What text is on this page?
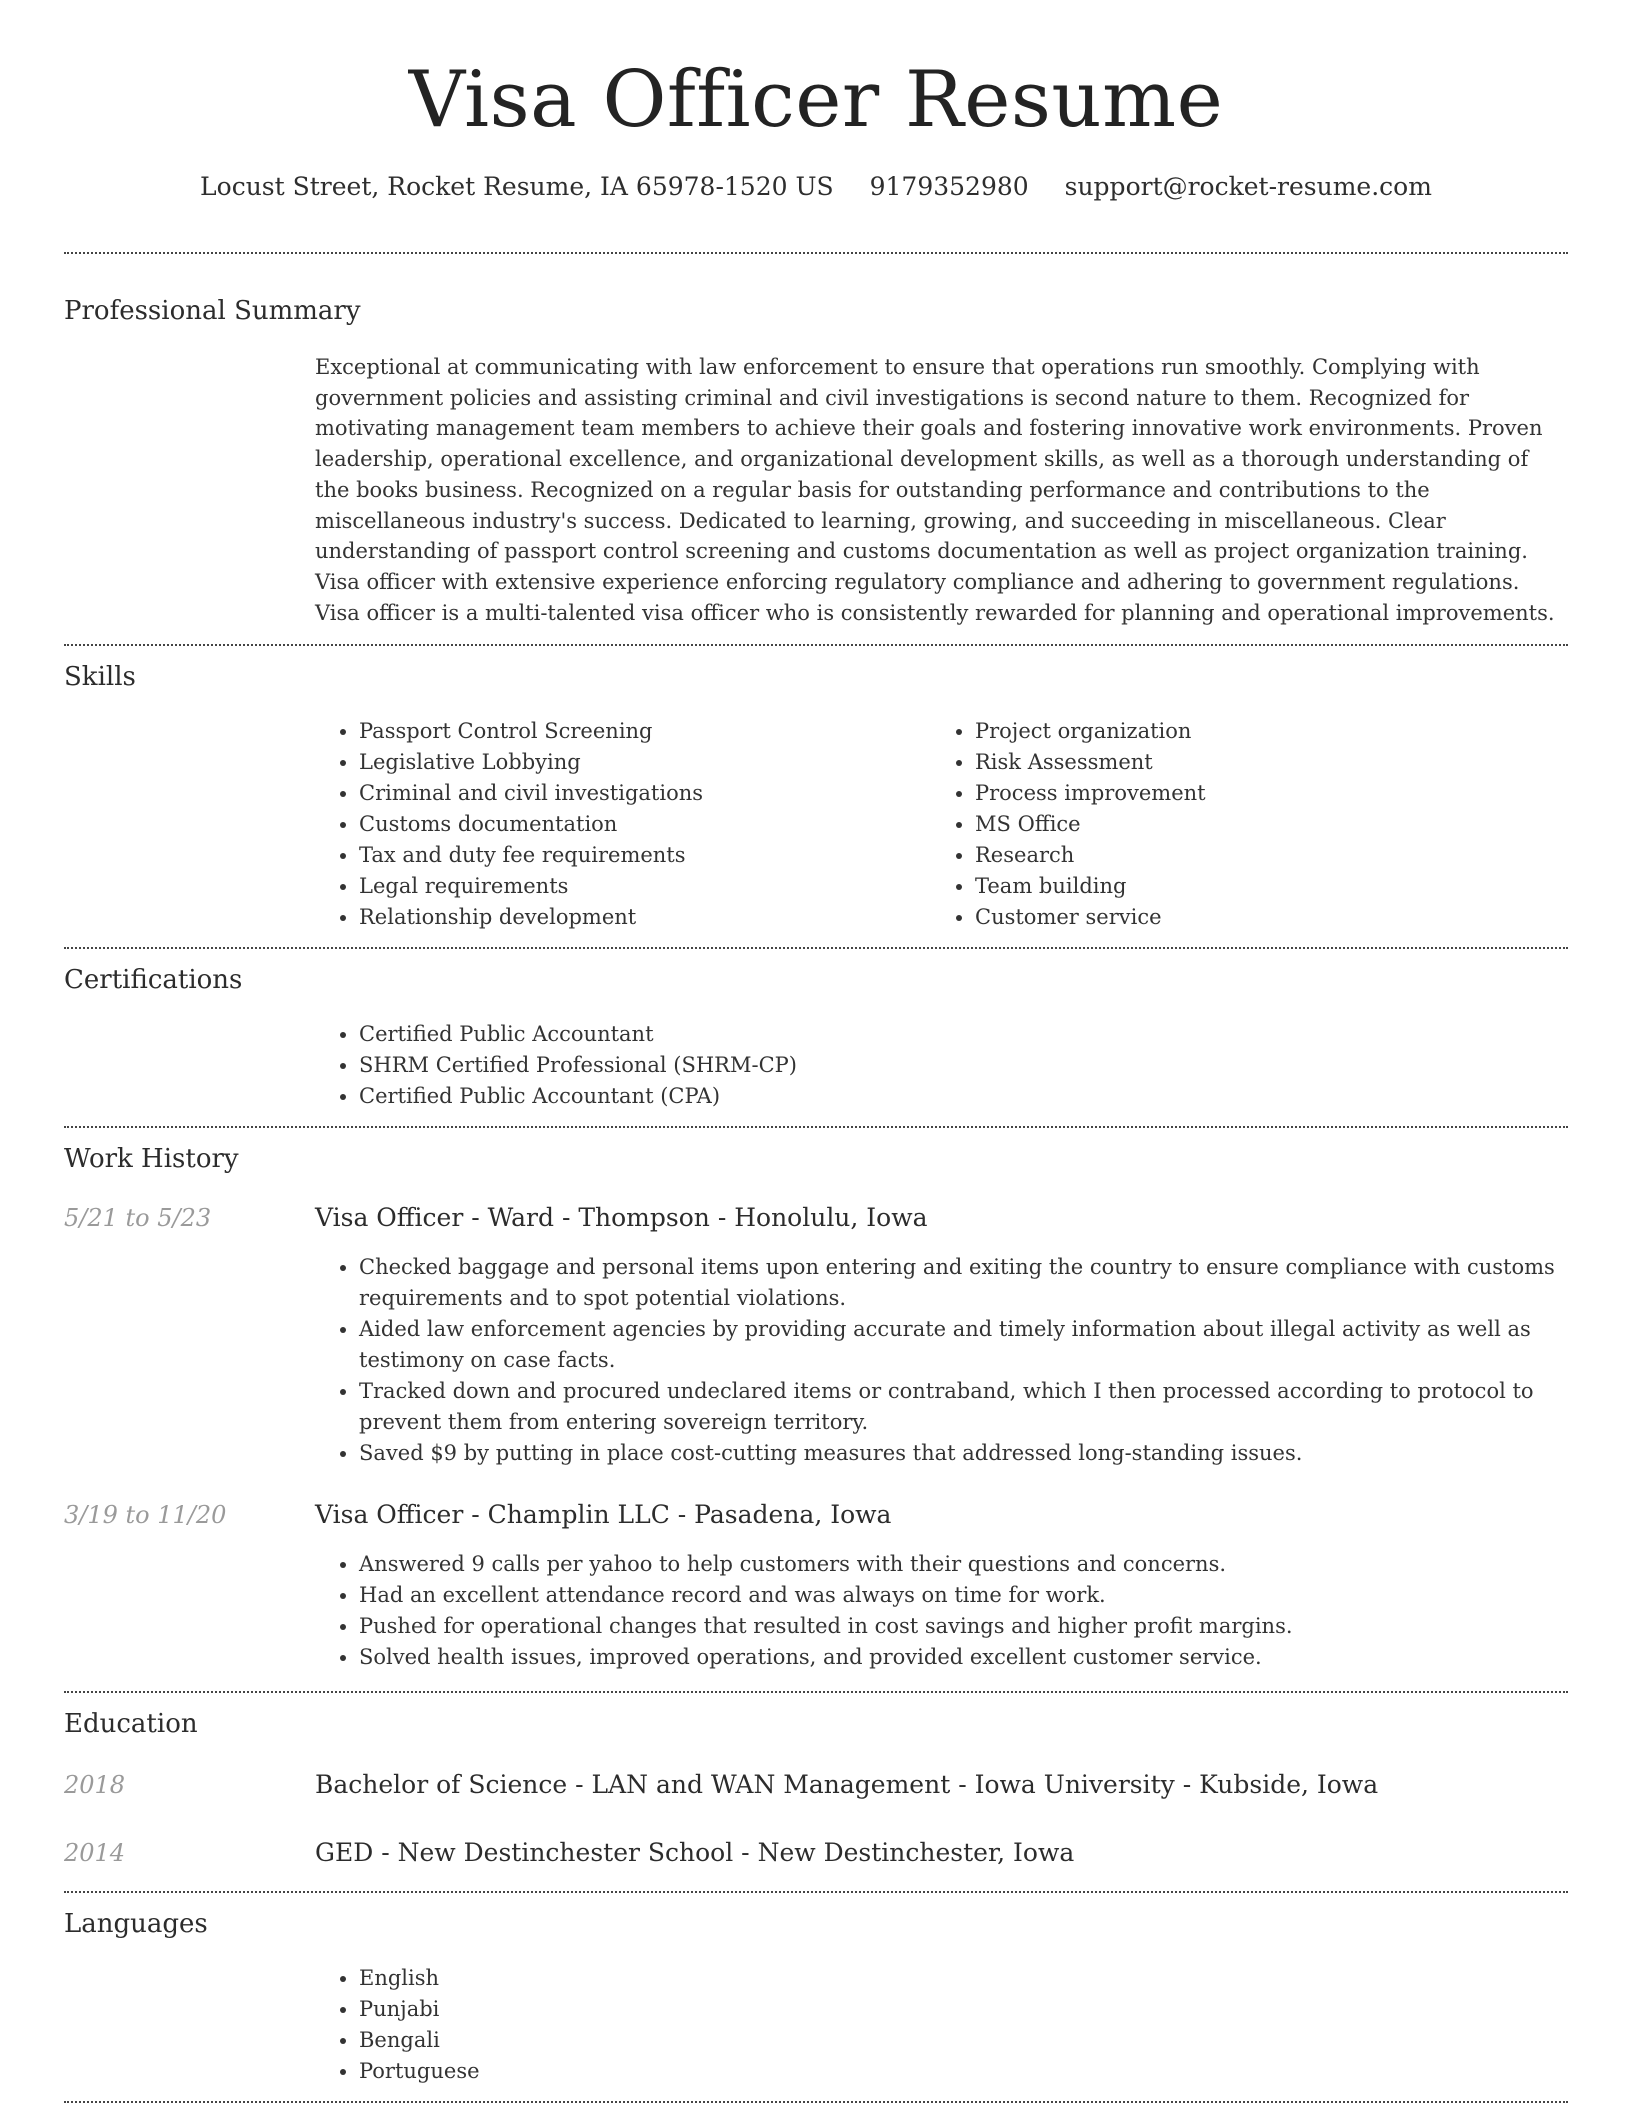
Visa Officer Resume
Locust Street, Rocket Resume, IA 65978-1520 US 9179352980 support@rocket-resume.com
Professional Summary

Exceptional at communicating with law enforcement to ensure that operations run smoothly. Complying with government policies and assisting criminal and civil investigations is second nature to them. Recognized for motivating management team members to achieve their goals and fostering innovative work environments. Proven leadership, operational excellence, and organizational development skills, as well as a thorough understanding of the books business. Recognized on a regular basis for outstanding performance and contributions to the miscellaneous industry's success. Dedicated to learning, growing, and succeeding in miscellaneous. Clear understanding of passport control screening and customs documentation as well as project organization training. Visa officer with extensive experience enforcing regulatory compliance and adhering to government regulations. Visa officer is a multi-talented visa officer who is consistently rewarded for planning and operational improvements.

Skills
• Passport Control Screening
• Legislative Lobbying
• Criminal and civil investigations
• Customs documentation
• Tax and duty fee requirements
• Legal requirements
• Relationship development
• Project organization
• Risk Assessment
• Process improvement
• MS Office
• Research
• Team building
• Customer service
Certifications
• Certified Public Accountant
• SHRM Certified Professional (SHRM-CP)
• Certified Public Accountant (CPA)
Work History
5/21 to 5/23	Visa Officer - Ward - Thompson - Honolulu, Iowa
• Checked baggage and personal items upon entering and exiting the country to ensure compliance with customs requirements and to spot potential violations.
• Aided law enforcement agencies by providing accurate and timely information about illegal activity as well as testimony on case facts.
• Tracked down and procured undeclared items or contraband, which I then processed according to protocol to prevent them from entering sovereign territory.
• Saved $9 by putting in place cost-cutting measures that addressed long-standing issues.
3/19 to 11/20	Visa Officer - Champlin LLC - Pasadena, Iowa
• Answered 9 calls per yahoo to help customers with their questions and concerns.
• Had an excellent attendance record and was always on time for work.
• Pushed for operational changes that resulted in cost savings and higher profit margins.
• Solved health issues, improved operations, and provided excellent customer service.
Education
2018	Bachelor of Science - LAN and WAN Management - Iowa University - Kubside, Iowa
2014	GED - New Destinchester School - New Destinchester, Iowa
Languages
• English
• Punjabi
• Bengali
• Portuguese
